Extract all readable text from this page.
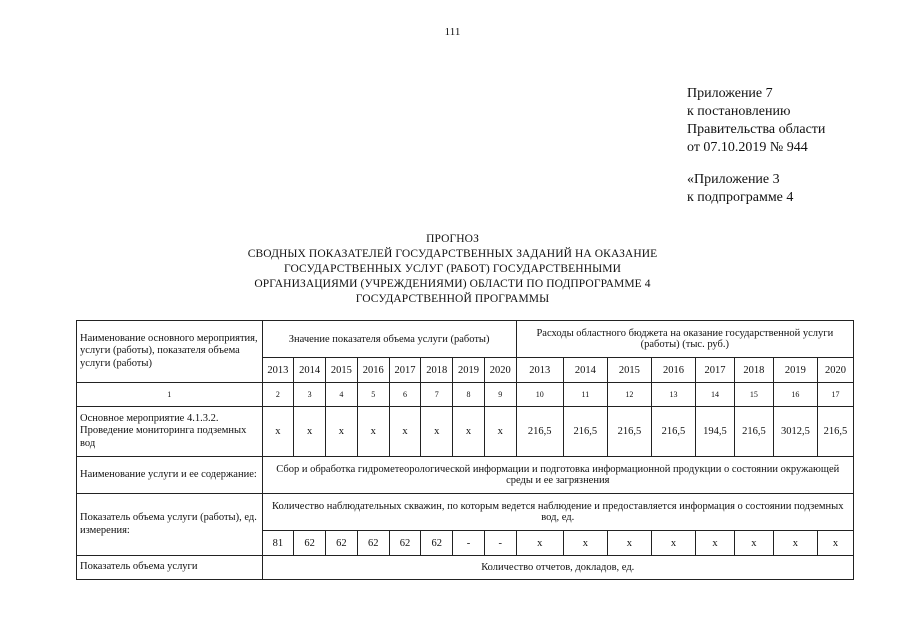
111
Приложение 7
к постановлению
Правительства области
от 07.10.2019 № 944
«Приложение 3
к подпрограмме 4
ПРОГНОЗ
СВОДНЫХ ПОКАЗАТЕЛЕЙ ГОСУДАРСТВЕННЫХ ЗАДАНИЙ НА ОКАЗАНИЕ
ГОСУДАРСТВЕННЫХ УСЛУГ (РАБОТ) ГОСУДАРСТВЕННЫМИ
ОРГАНИЗАЦИЯМИ (УЧРЕЖДЕНИЯМИ) ОБЛАСТИ ПО ПОДПРОГРАММЕ 4
ГОСУДАРСТВЕННОЙ ПРОГРАММЫ
Наименование основного мероприятия, услуги (работы), показателя объема услуги (работы)	Значение показателя объема услуги (работы)								Расходы областного бюджета на оказание государственной услуги (работы) (тыс. руб.)							
	2013	2014	2015	2016	2017	2018	2019	2020	2013	2014	2015	2016	2017	2018	2019	2020
1	2	3	4	5	6	7	8	9	10	11	12	13	14	15	16	17
Основное мероприятие 4.1.3.2. Проведение мониторинга подземных вод	x	x	x	x	x	x	x	x	216,5	216,5	216,5	216,5	194,5	216,5	3012,5	216,5
Наименование услуги и ее содержание:	Сбор и обработка гидрометеорологической информации и подготовка информационной продукции о состоянии окружающей среды и ее загрязнения															
Показатель объема услуги (работы), ед. измерения:	Количество наблюдательных скважин, по которым ведется наблюдение и предоставляется информация о состоянии подземных вод, ед.															
	81	62	62	62	62	62	-	-	x	x	x	x	x	x	x	x
Показатель объема услуги	Количество отчетов, докладов, ед.															
